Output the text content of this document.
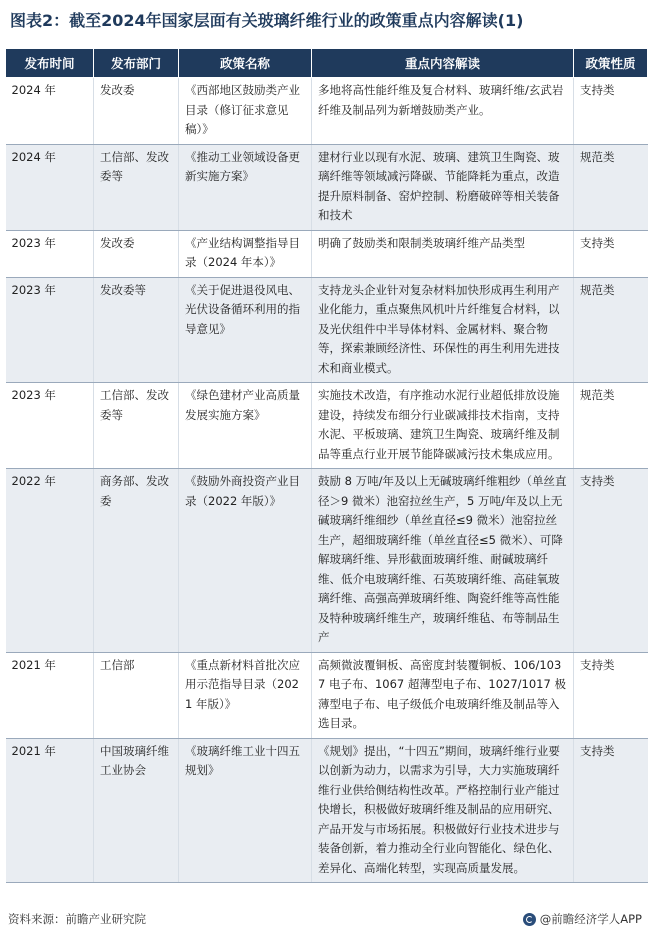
图表2：截至2024年国家层面有关玻璃纤维行业的政策重点内容解读(1)
发布时间	发布部门	政策名称	重点内容解读	政策性质
2024 年	发改委	《西部地区鼓励类产业目录（修订征求意见稿）》	多地将高性能纤维及复合材料、玻璃纤维/玄武岩纤维及制品列为新增鼓励类产业。	支持类
2024 年	工信部、发改委等	《推动工业领域设备更新实施方案》	建材行业以现有水泥、玻璃、建筑卫生陶瓷、玻璃纤维等领域减污降碳、节能降耗为重点，改造提升原料制备、窑炉控制、粉磨破碎等相关装备和技术	规范类
2023 年	发改委	《产业结构调整指导目录（2024 年本）》	明确了鼓励类和限制类玻璃纤维产品类型	支持类
2023 年	发改委等	《关于促进退役风电、光伏设备循环利用的指导意见》	支持龙头企业针对复杂材料加快形成再生利用产业化能力，重点聚焦风机叶片纤维复合材料，以及光伏组件中半导体材料、金属材料、聚合物等，探索兼顾经济性、环保性的再生利用先进技术和商业模式。	规范类
2023 年	工信部、发改委等	《绿色建材产业高质量发展实施方案》	实施技术改造，有序推动水泥行业超低排放设施建设，持续发布细分行业碳减排技术指南，支持水泥、平板玻璃、建筑卫生陶瓷、玻璃纤维及制品等重点行业开展节能降碳减污技术集成应用。	规范类
2022 年	商务部、发改委	《鼓励外商投资产业目录（2022 年版）》	鼓励 8 万吨/年及以上无碱玻璃纤维粗纱（单丝直径＞9 微米）池窑拉丝生产，5 万吨/年及以上无碱玻璃纤维细纱（单丝直径≤9 微米）池窑拉丝生产，超细玻璃纤维（单丝直径≤5 微米）、可降解玻璃纤维、异形截面玻璃纤维、耐碱玻璃纤维、低介电玻璃纤维、石英玻璃纤维、高硅氧玻璃纤维、高强高弹玻璃纤维、陶瓷纤维等高性能及特种玻璃纤维生产，玻璃纤维毡、布等制品生产	支持类
2021 年	工信部	《重点新材料首批次应用示范指导目录（2021 年版）》	高频微波覆铜板、高密度封装覆铜板、106/1037 电子布、1067 超薄型电子布、1027/1017 极薄型电子布、电子级低介电玻璃纤维及制品等入选目录。	支持类
2021 年	中国玻璃纤维工业协会	《玻璃纤维工业十四五规划》	《规划》提出，“十四五”期间，玻璃纤维行业要以创新为动力，以需求为引导，大力实施玻璃纤维行业供给侧结构性改革。严格控制行业产能过快增长，积极做好玻璃纤维及制品的应用研究、产品开发与市场拓展。积极做好行业技术进步与装备创新，着力推动全行业向智能化、绿色化、差异化、高端化转型，实现高质量发展。	支持类
资料来源：前瞻产业研究院	@前瞻经济学人APP
